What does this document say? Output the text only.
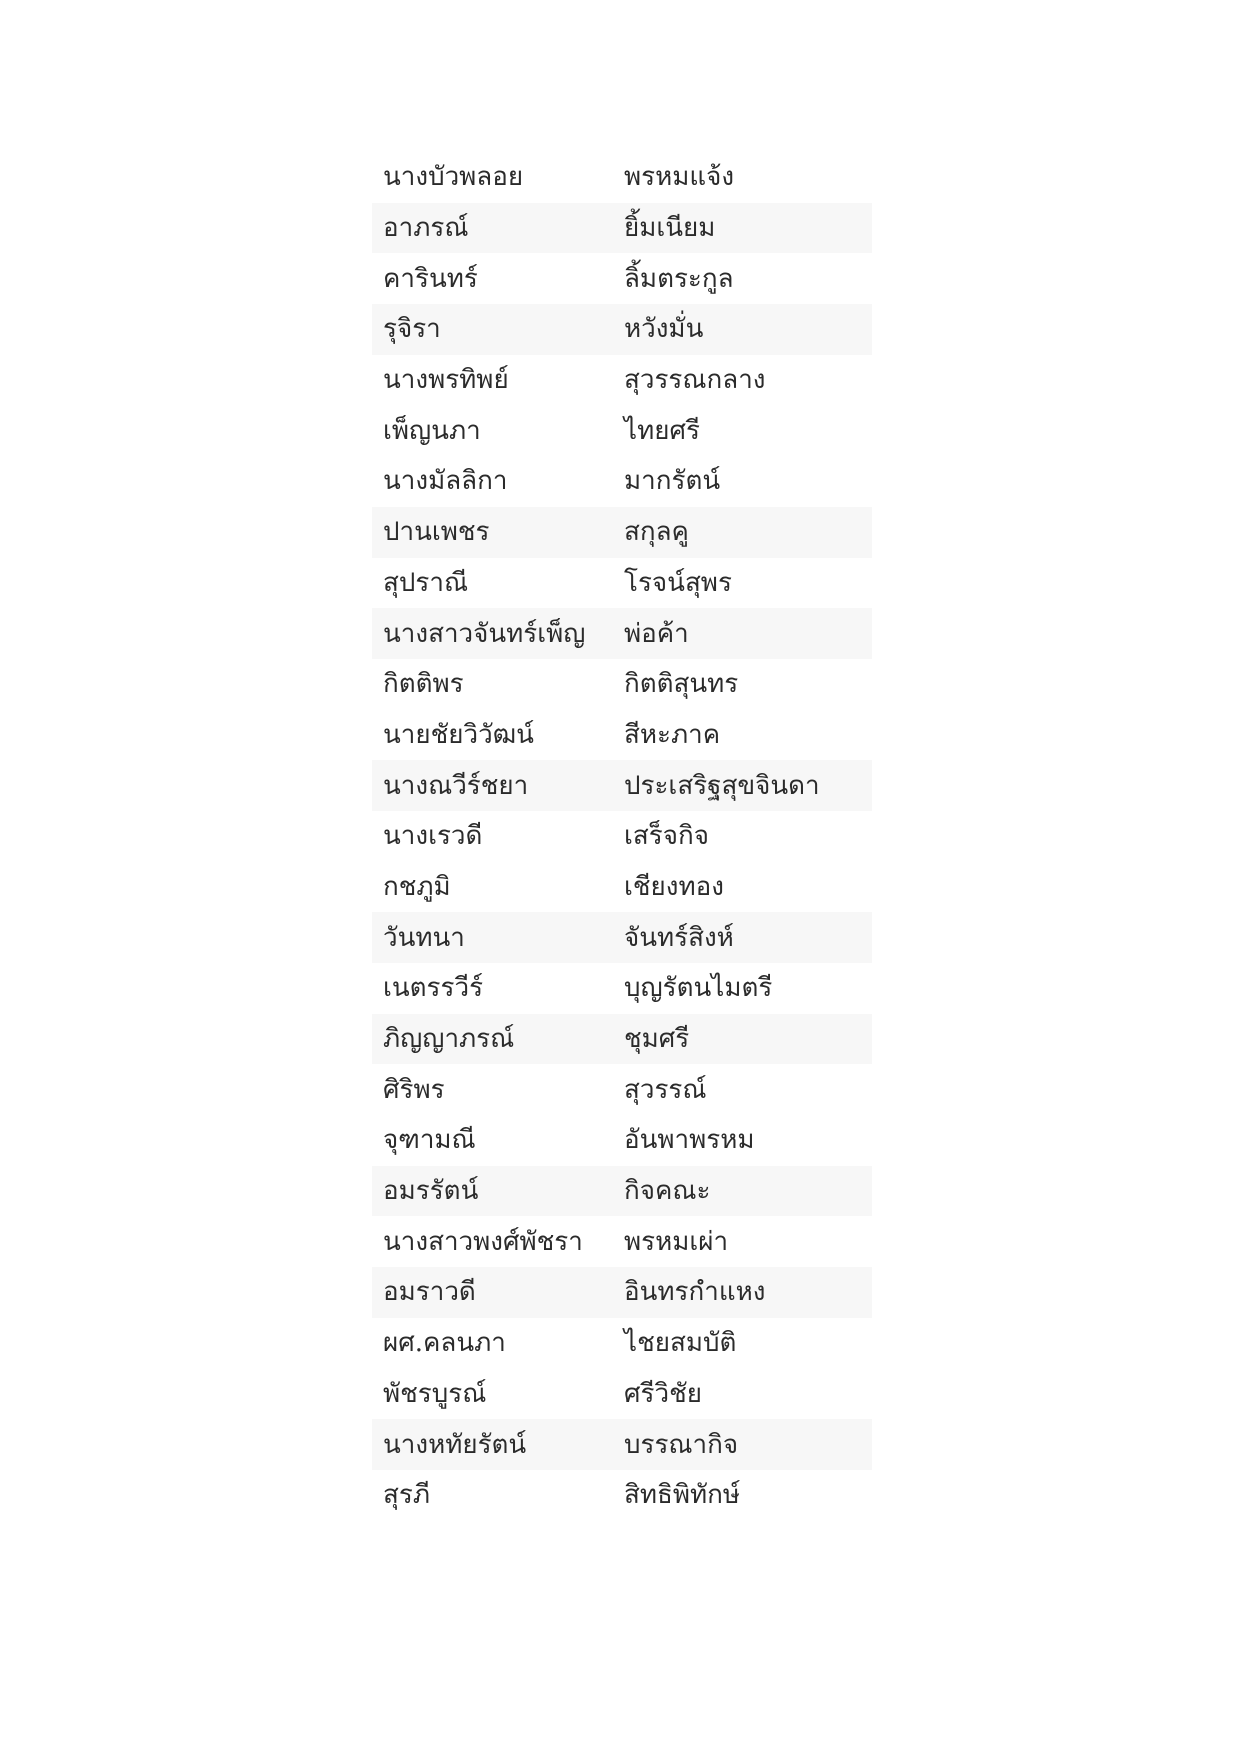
นางบัวพลอย	พรหมแจ้ง
อาภรณ์	ยิ้มเนียม
คารินทร์	ลิ้มตระกูล
รุจิรา	หวังมั่น
นางพรทิพย์	สุวรรณกลาง
เพ็ญนภา	ไทยศรี
นางมัลลิกา	มากรัตน์
ปานเพชร	สกุลคู
สุปราณี	โรจน์สุพร
นางสาวจันทร์เพ็ญ	พ่อค้า
กิตติพร	กิตติสุนทร
นายชัยวิวัฒน์	สีหะภาค
นางณวีร์ชยา	ประเสริฐสุขจินดา
นางเรวดี	เสร็จกิจ
กชภูมิ	เชียงทอง
วันทนา	จันทร์สิงห์
เนตรรวีร์	บุญรัตนไมตรี
ภิญญาภรณ์	ชุมศรี
ศิริพร	สุวรรณ์
จุฑามณี	อันพาพรหม
อมรรัตน์	กิจคณะ
นางสาวพงศ์พัชรา	พรหมเผ่า
อมราวดี	อินทรกำแหง
ผศ.คลนภา	ไชยสมบัติ
พัชรบูรณ์	ศรีวิชัย
นางหทัยรัตน์	บรรณากิจ
สุรภี	สิทธิพิทักษ์
